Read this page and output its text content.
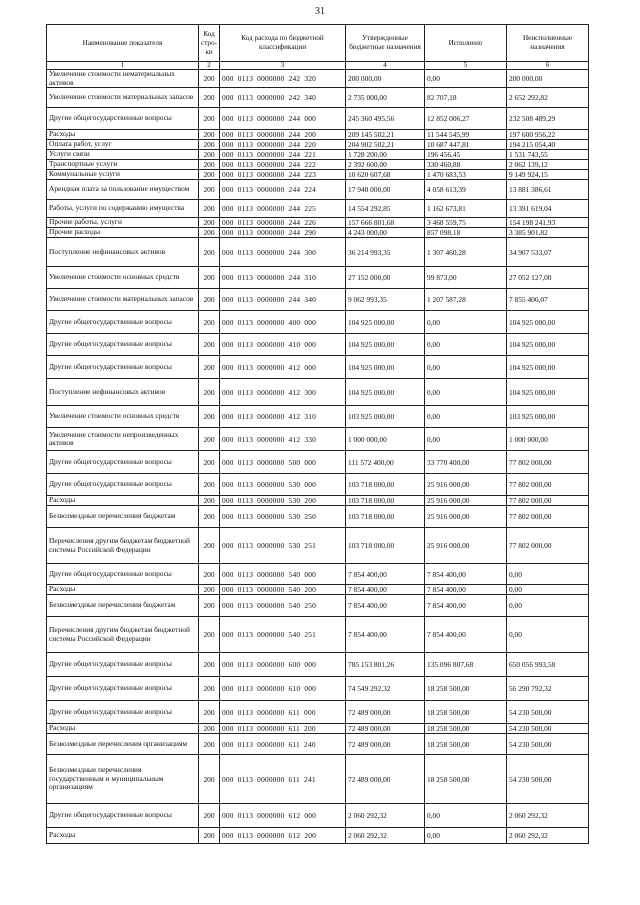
31
Наименование показателя	Код стро-ки	Код расхода по бюджетной классификации	Утвержденные бюджетные назначения	Исполнено	Неисполненные назначения
1	2	3	4	5	6
Увеличение стоимости нематериальных активов	200	000  0113  0000000  242  320	200 000,00	0,00	200 000,00
Увеличение стоимости материальных запасов	200	000  0113  0000000  242  340	2 735 000,00	82 707,18	2 652 292,82
Другие общегосударственные вопросы	200	000  0113  0000000  244  000	245 360 495,56	12 852 006,27	232 508 489,29
Расходы	200	000  0113  0000000  244  200	209 145 502,21	11 544 545,99	197 600 956,22
Оплата работ, услуг	200	000  0113  0000000  244  220	204 902 502,21	10 687 447,81	194 215 054,40
Услуги связи	200	000  0113  0000000  244  221	1 728 200,00	196 456,45	1 531 743,55
Транспортные услуги	200	000  0113  0000000  244  222	2 392 600,00	330 460,88	2 062 139,12
Коммунальные услуги	200	000  0113  0000000  244  223	10 620 607,68	1 470 683,53	9 149 924,15
Арендная плата за пользование имуществом	200	000  0113  0000000  244  224	17 940 000,00	4 058 613,39	13 881 386,61
Работы, услуги по содержанию имущества	200	000  0113  0000000  244  225	14 554 292,85	1 162 673,81	13 391 619,04
Прочие работы, услуги	200	000  0113  0000000  244  226	157 666 801,68	3 468 559,75	154 198 241,93
Прочие расходы	200	000  0113  0000000  244  290	4 243 000,00	857 098,18	3 385 901,82
Поступление нефинансовых активов	200	000  0113  0000000  244  300	36 214 993,35	1 307 460,28	34 907 533,07
Увеличение стоимости основных средств	200	000  0113  0000000  244  310	27 152 000,00	99 873,00	27 052 127,00
Увеличение стоимости материальных запасов	200	000  0113  0000000  244  340	9 062 993,35	1 207 587,28	7 855 406,07
Другие общегосударственные вопросы	200	000  0113  0000000  400  000	104 925 000,00	0,00	104 925 000,00
Другие общегосударственные вопросы	200	000  0113  0000000  410  000	104 925 000,00	0,00	104 925 000,00
Другие общегосударственные вопросы	200	000  0113  0000000  412  000	104 925 000,00	0,00	104 925 000,00
Поступление нефинансовых активов	200	000  0113  0000000  412  300	104 925 000,00	0,00	104 925 000,00
Увеличение стоимости основных средств	200	000  0113  0000000  412  310	103 925 000,00	0,00	103 925 000,00
Увеличение стоимости непроизведенных активов	200	000  0113  0000000  412  330	1 000 000,00	0,00	1 000 000,00
Другие общегосударственные вопросы	200	000  0113  0000000  500  000	111 572 400,00	33 770 400,00	77 802 000,00
Другие общегосударственные вопросы	200	000  0113  0000000  530  000	103 718 000,00	25 916 000,00	77 802 000,00
Расходы	200	000  0113  0000000  530  200	103 718 000,00	25 916 000,00	77 802 000,00
Безвозмездные перечисления бюджетам	200	000  0113  0000000  530  250	103 718 000,00	25 916 000,00	77 802 000,00
Перечисления другим бюджетам бюджетной системы Российской Федерации	200	000  0113  0000000  530  251	103 718 000,00	25 916 000,00	77 802 000,00
Другие общегосударственные вопросы	200	000  0113  0000000  540  000	7 854 400,00	7 854 400,00	0,00
Расходы	200	000  0113  0000000  540  200	7 854 400,00	7 854 400,00	0,00
Безвозмездные перечисления бюджетам	200	000  0113  0000000  540  250	7 854 400,00	7 854 400,00	0,00
Перечисления другим бюджетам бюджетной системы Российской Федерации	200	000  0113  0000000  540  251	7 854 400,00	7 854 400,00	0,00
Другие общегосударственные вопросы	200	000  0113  0000000  600  000	785 153 801,26	135 096 807,68	650 056 993,58
Другие общегосударственные вопросы	200	000  0113  0000000  610  000	74 549 292,32	18 258 500,00	56 290 792,32
Другие общегосударственные вопросы	200	000  0113  0000000  611  000	72 489 000,00	18 258 500,00	54 230 500,00
Расходы	200	000  0113  0000000  611  200	72 489 000,00	18 258 500,00	54 230 500,00
Безвозмездные перечисления организациям	200	000  0113  0000000  611  240	72 489 000,00	18 258 500,00	54 230 500,00
Безвозмездные перечисления государственным и муниципальным организациям	200	000  0113  0000000  611  241	72 489 000,00	18 258 500,00	54 230 500,00
Другие общегосударственные вопросы	200	000  0113  0000000  612  000	2 060 292,32	0,00	2 060 292,32
Расходы	200	000  0113  0000000  612  200	2 060 292,32	0,00	2 060 292,32
